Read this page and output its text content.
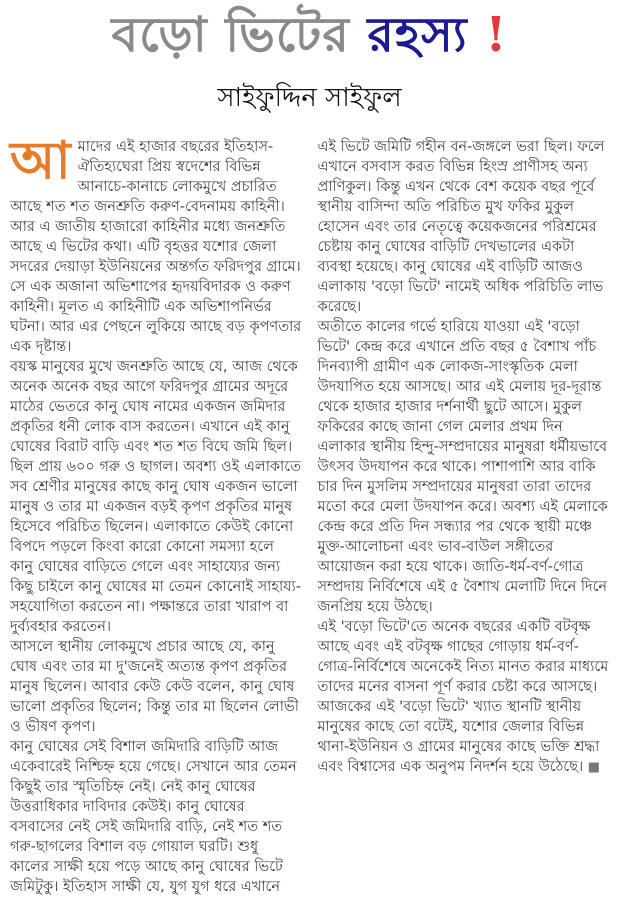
বড়ো ভিটের রহস্য !
সাইফুদ্দিন সাইফুল

আমাদের এই হাজার বছরের ইতিহাস-ঐতিহ্যঘেরা প্রিয় স্বদেশের বিভিন্ন আনাচে-কানাচে লোকমুখে প্রচারিত আছে শত শত জনশ্রুতি করুণ-বেদনাময় কাহিনী। আর এ জাতীয় হাজারো কাহিনীর মধ্যে জনশ্রুতি আছে এ ভিটের কথা। এটি বৃহত্তর যশোর জেলা সদরের দেয়াড়া ইউনিয়নের অন্তর্গত ফরিদপুর গ্রামে। সে এক অজানা অভিশাপের হৃদয়বিদারক ও করুণ কাহিনী। মূলত এ কাহিনীটি এক অভিশাপনির্ভর ঘটনা। আর এর পেছনে লুকিয়ে আছে বড় কৃপণতার এক দৃষ্টান্ত।

বয়স্ক মানুষের মুখে জনশ্রুতি আছে যে, আজ থেকে অনেক অনেক বছর আগে ফরিদপুর গ্রামের অদূরে মাঠের ভেতরে কানু ঘোষ নামের একজন জমিদার প্রকৃতির ধনী লোক বাস করতেন। এখানে এই কানু ঘোষের বিরাট বাড়ি এবং শত শত বিঘে জমি ছিল। ছিল প্রায় ৬০০ গরু ও ছাগল। অবশ্য ওই এলাকাতে সব শ্রেণীর মানুষের কাছে কানু ঘোষ একজন ভালো মানুষ ও তার মা একজন বড়ই কৃপণ প্রকৃতির মানুষ হিসেবে পরিচিত ছিলেন। এলাকাতে কেউই কোনো বিপদে পড়লে কিংবা কারো কোনো সমস্যা হলে কানু ঘোষের বাড়িতে গেলে এবং সাহায্যের জন্য কিছু চাইলে কানু ঘোষের মা তেমন কোনোই সাহায্য-সহযোগিতা করতেন না। পক্ষান্তরে তারা খারাপ বা দুর্ব্যবহার করতেন।

আসলে স্থানীয় লোকমুখে প্রচার আছে যে, কানু ঘোষ এবং তার মা দু'জনেই অত্যন্ত কৃপণ প্রকৃতির মানুষ ছিলেন। আবার কেউ কেউ বলেন, কানু ঘোষ ভালো প্রকৃতির ছিলেন; কিন্তু তার মা ছিলেন লোভী ও ভীষণ কৃপণ।

কানু ঘোষের সেই বিশাল জমিদারি বাড়িটি আজ একেবারেই নিশ্চিহ্ন হয়ে গেছে। সেখানে আর তেমন কিছুই তার স্মৃতিচিহ্ন নেই। নেই কানু ঘোষের উত্তরাধিকার দাবিদার কেউই। কানু ঘোষের বসবাসের নেই সেই জমিদারি বাড়ি, নেই শত শত গরু-ছাগলের বিশাল বড় গোয়াল ঘরটি। শুধু কালের সাক্ষী হয়ে পড়ে আছে কানু ঘোষের ভিটে জমিটুকু। ইতিহাস সাক্ষী যে, যুগ যুগ ধরে এখানে এই ভিটে জমিটি গহীন বন-জঙ্গলে ভরা ছিল। ফলে এখানে বসবাস করত বিভিন্ন হিংস্র প্রাণীসহ অন্য প্রাণিকুল। কিন্তু এখন থেকে বেশ কয়েক বছর পূর্বে স্থানীয় বাসিন্দা অতি পরিচিত মুখ ফকির মুকুল হোসেন এবং তার নেতৃত্বে কয়েকজনের পরিশ্রমের চেষ্টায় কানু ঘোষের বাড়িটি দেখভালের একটা ব্যবস্থা হয়েছে। কানু ঘোষের এই বাড়িটি আজও এলাকায় 'বড়ো ভিটে' নামেই অধিক পরিচিতি লাভ করেছে।

অতীতে কালের গর্ভে হারিয়ে যাওয়া এই 'বড়ো ভিটে' কেন্দ্র করে এখানে প্রতি বছর ৫ বৈশাখ পাঁচ দিনব্যাপী গ্রামীণ এক লোকজ-সাংস্কৃতিক মেলা উদযাপিত হয়ে আসছে। আর এই মেলায় দূর-দূরান্ত থেকে হাজার হাজার দর্শনার্থী ছুটে আসে। মুকুল ফকিরের কাছে জানা গেল মেলার প্রথম দিন এলাকার স্থানীয় হিন্দু-সম্প্রদায়ের মানুষরা ধর্মীয়ভাবে উৎসব উদযাপন করে থাকে। পাশাপাশি আর বাকি চার দিন মুসলিম সম্প্রদায়ের মানুষরা তারা তাদের মতো করে মেলা উদযাপন করে। অবশ্য এই মেলাকে কেন্দ্র করে প্রতি দিন সন্ধ্যার পর থেকে স্থায়ী মঞ্চে মুক্ত-আলোচনা এবং ভাব-বাউল সঙ্গীতের আয়োজন করা হয়ে থাকে। জাতি-ধর্ম-বর্ণ-গোত্র সম্প্রদায় নির্বিশেষে এই ৫ বৈশাখ মেলাটি দিনে দিনে জনপ্রিয় হয়ে উঠছে।

এই 'বড়ো ভিটে'তে অনেক বছরের একটি বটবৃক্ষ আছে এবং এই বটবৃক্ষ গাছের গোড়ায় ধর্ম-বর্ণ-গোত্র-নির্বিশেষে অনেকেই নিত্য মানত করার মাধ্যমে তাদের মনের বাসনা পূর্ণ করার চেষ্টা করে আসছে। আজকের এই 'বড়ো ভিটে' খ্যাত স্থানটি স্থানীয় মানুষের কাছে তো বটেই, যশোর জেলার বিভিন্ন থানা-ইউনিয়ন ও গ্রামের মানুষের কাছে ভক্তি শ্রদ্ধা এবং বিশ্বাসের এক অনুপম নিদর্শন হয়ে উঠেছে। ■
